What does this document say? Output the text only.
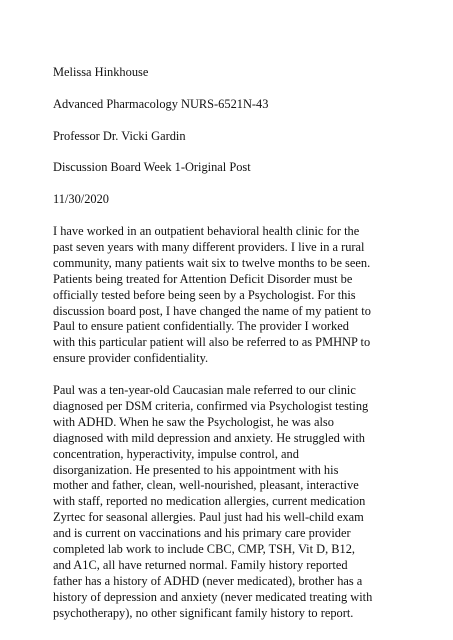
Melissa Hinkhouse
Advanced Pharmacology NURS-6521N-43
Professor Dr. Vicki Gardin
Discussion Board Week 1-Original Post
11/30/2020
I have worked in an outpatient behavioral health clinic for the
past seven years with many different providers. I live in a rural
community, many patients wait six to twelve months to be seen.
Patients being treated for Attention Deficit Disorder must be
officially tested before being seen by a Psychologist. For this
discussion board post, I have changed the name of my patient to
Paul to ensure patient confidentially. The provider I worked
with this particular patient will also be referred to as PMHNP to
ensure provider confidentiality.
Paul was a ten-year-old Caucasian male referred to our clinic
diagnosed per DSM criteria, confirmed via Psychologist testing
with ADHD. When he saw the Psychologist, he was also
diagnosed with mild depression and anxiety. He struggled with
concentration, hyperactivity, impulse control, and
disorganization. He presented to his appointment with his
mother and father, clean, well-nourished, pleasant, interactive
with staff, reported no medication allergies, current medication
Zyrtec for seasonal allergies. Paul just had his well-child exam
and is current on vaccinations and his primary care provider
completed lab work to include CBC, CMP, TSH, Vit D, B12,
and A1C, all have returned normal. Family history reported
father has a history of ADHD (never medicated), brother has a
history of depression and anxiety (never medicated treating with
psychotherapy), no other significant family history to report.
